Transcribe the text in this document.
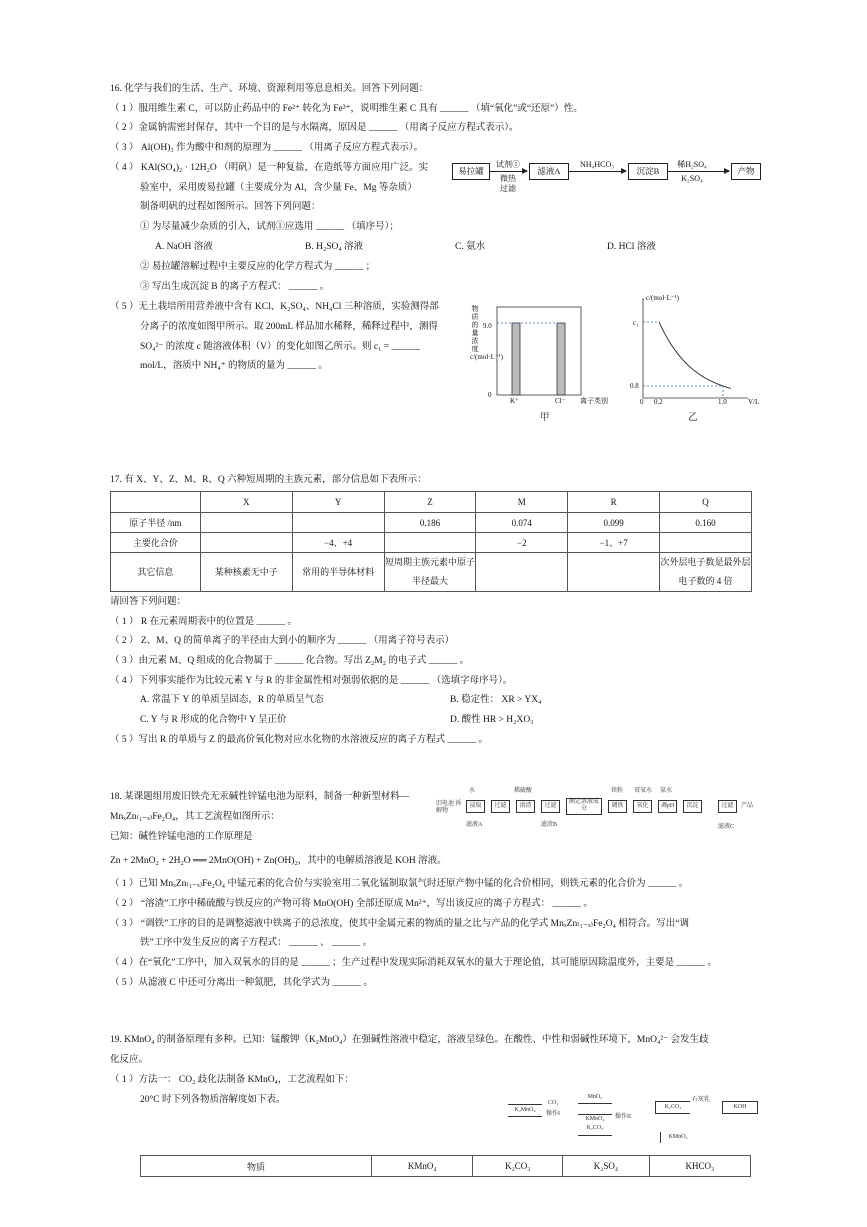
16. 化学与我们的生活、生产、环境、资源利用等息息相关。回答下列问题：
（ 1 ）服用维生素 C，可以防止药品中的 Fe²⁺ 转化为 Fe³⁺，说明维生素 C 具有 ______ （填“氧化”或“还原”）性。
（ 2 ）金属钠需密封保存，其中一个目的是与水隔离，原因是 ______ （用离子反应方程式表示）。
（ 3 ） Al(OH)₃ 作为酸中和剂的原理为 ______ （用离子反应方程式表示）。
（ 4 ） KAl(SO₄)₂ · 12H₂O （明矾）是一种复盐，在造纸等方面应用广泛。实
验室中，采用废易拉罐（主要成分为 Al，含少量 Fe、Mg 等杂质）
制备明矾的过程如图所示。回答下列问题：
① 为尽量减少杂质的引入，试剂①应选用 ______ （填序号）；
A. NaOH 溶液	B. H₂SO₄ 溶液	C. 氨水	D. HCl 溶液
② 易拉罐溶解过程中主要反应的化学方程式为 ______ ；
③ 写出生成沉淀 B 的离子方程式： ______ 。
（ 5 ）无土栽培所用营养液中含有 KCl、K₂SO₄、NH₄Cl 三种溶质，实验测得部
分离子的浓度如图甲所示。取 200mL 样品加水稀释，稀释过程中，测得
SO₄²⁻ 的浓度 c 随溶液体积（V）的变化如图乙所示。则 c₁ = ______
mol/L，溶质中 NH₄⁺ 的物质的量为 ______ 。
易拉罐
试剂①
微热
过滤
滤液A
NH₄HCO₃
沉淀B
稀H₂SO₄
K₂SO₄
产物
物质的量浓度c/(mol·L⁻¹)
9.0
0
K⁺	Cl⁻ 离子类别
甲
c/(mol·L⁻¹)
c₁
0.8
0 0.2	1.0	V/L
乙
17. 有 X、Y、Z、M、R、Q 六种短周期的主族元素，部分信息如下表所示：
	X	Y	Z	M	R	Q
原子半径 /nm			0.186	0.074	0.099	0.160
主要化合价		−4、+4		−2	−1、+7	
其它信息	某种核素无中子	常用的半导体材料	短周期主族元素中原子半径最大			次外层电子数是最外层电子数的 4 倍
请回答下列问题：
（ 1 ） R 在元素周期表中的位置是 ______ 。
（ 2 ） Z、M、Q 的简单离子的半径由大到小的顺序为 ______ （用离子符号表示）
（ 3 ）由元素 M、Q 组成的化合物属于 ______ 化合物。写出 Z₂M₂ 的电子式 ______ 。
（ 4 ）下列事实能作为比较元素 Y 与 R 的非金属性相对强弱依据的是 ______ （选填字母序号）。
A. 常温下 Y 的单质呈固态，R 的单质呈气态	B. 稳定性： XR > YX₄
C. Y 与 R 形成的化合物中 Y 呈正价	D. 酸性 HR > H₂XO₃
（ 5 ）写出 R 的单质与 Z 的最高价氧化物对应水化物的水溶液反应的离子方程式 ______ 。
18. 某课题组用废旧铁壳无汞碱性锌锰电池为原料，制备一种新型材料—
MnₓZn₍₁₋ₓ₎Fe₂O₄，其工艺流程如图所示：
已知：碱性锌锰电池的工作原理是
Zn + 2MnO₂ + 2H₂O ══ 2MnO(OH) + Zn(OH)₂，其中的电解质溶液是 KOH 溶液。
（ 1 ）已知 MnₓZn₍₁₋ₓ₎Fe₂O₄ 中锰元素的化合价与实验室用二氧化锰制取氯气时还原产物中锰的化合价相同，则铁元素的化合价为 ______ 。
（ 2 ） “溶渣”工序中稀硫酸与铁反应的产物可将 MnO(OH) 全部还原成 Mn²⁺，写出该反应的离子方程式： ______ 。
（ 3 ） “调铁”工序的目的是调整滤液中铁离子的总浓度，使其中金属元素的物质的量之比与产品的化学式 MnₓZn₍₁₋ₓ₎Fe₂O₄ 相符合。写出“调
铁”工序中发生反应的离子方程式： ______ 、 ______ 。
（ 4 ）在“氧化”工序中，加入双氧水的目的是 ______ ；生产过程中发现实际消耗双氧水的量大于理论值，其可能原因除温度外，主要是 ______ 。
（ 5 ）从滤液 C 中还可分离出一种氮肥，其化学式为 ______ 。
旧电池 拆解物
浸取	过滤	溶渣	过滤
测定溶液成分	调铁	氧化	调pH	沉淀	过滤	产品
水	稀硫酸	铁粉 双氧水 氨水
滤液A	滤渣B	滤液C
19. KMnO₄ 的制备原理有多种。已知：锰酸钾（K₂MnO₄）在强碱性溶液中稳定，溶液呈绿色。在酸性、中性和弱碱性环境下，MnO₄²⁻ 会发生歧
化反应。
（ 1 ）方法一： CO₂ 歧化法制备 KMnO₄，工艺流程如下：
20°C 时下列各物质溶解度如下表。
K₂MnO₄
CO₂
操作I
MnO₂
KMnO₄
K₂CO₃
操作II
K₂CO₃
石灰乳
KOH
KMnO₄
物质	KMnO₄	K₂CO₃	K₂SO₄	KHCO₃
